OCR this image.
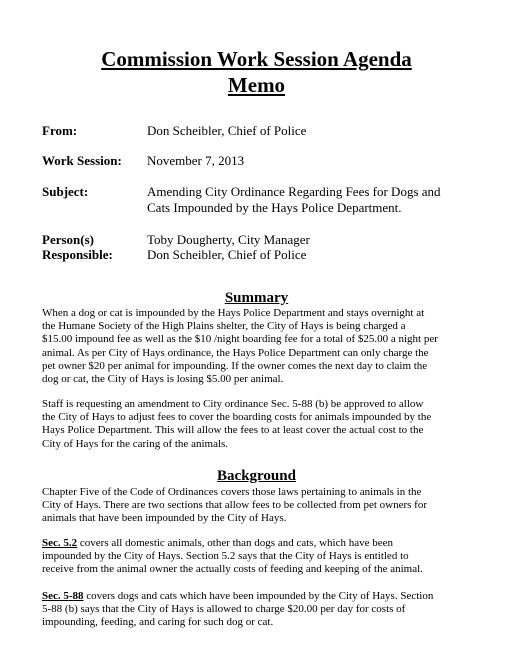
Commission Work Session Agenda
Memo
From:	Don Scheibler, Chief of Police
Work Session: November 7, 2013
Subject:	Amending City Ordinance Regarding Fees for Dogs and
Cats Impounded by the Hays Police Department.
Person(s)
Responsible:
Toby Dougherty, City Manager
Don Scheibler, Chief of Police
Summary
When a dog or cat is impounded by the Hays Police Department and stays overnight at
the Humane Society of the High Plains shelter, the City of Hays is being charged a
$15.00 impound fee as well as the $10 /night boarding fee for a total of $25.00 a night per
animal. As per City of Hays ordinance, the Hays Police Department can only charge the
pet owner $20 per animal for impounding. If the owner comes the next day to claim the
dog or cat, the City of Hays is losing $5.00 per animal.
Staff is requesting an amendment to City ordinance Sec. 5-88 (b) be approved to allow
the City of Hays to adjust fees to cover the boarding costs for animals impounded by the
Hays Police Department. This will allow the fees to at least cover the actual cost to the
City of Hays for the caring of the animals.
Background
Chapter Five of the Code of Ordinances covers those laws pertaining to animals in the
City of Hays. There are two sections that allow fees to be collected from pet owners for
animals that have been impounded by the City of Hays.
Sec. 5.2 covers all domestic animals, other than dogs and cats, which have been
impounded by the City of Hays. Section 5.2 says that the City of Hays is entitled to
receive from the animal owner the actually costs of feeding and keeping of the animal.
Sec. 5-88 covers dogs and cats which have been impounded by the City of Hays. Section
5-88 (b) says that the City of Hays is allowed to charge $20.00 per day for costs of
impounding, feeding, and caring for such dog or cat.
